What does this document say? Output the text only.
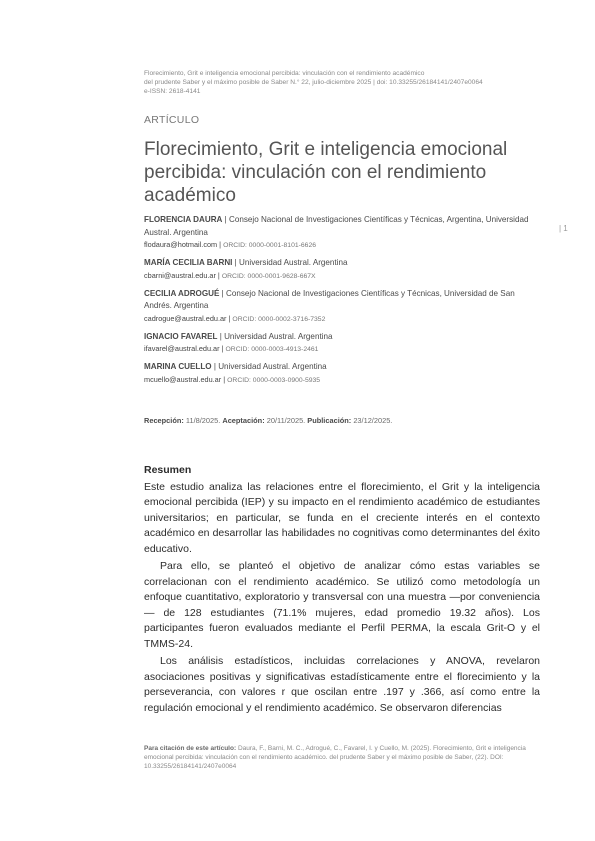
Florecimiento, Grit e inteligencia emocional percibida: vinculación con el rendimiento académico
del prudente Saber y el máximo posible de Saber N.° 22, julio-diciembre 2025 | doi: 10.33255/26184141/2407e0064
e-ISSN: 2618-4141
ARTÍCULO
Florecimiento, Grit e inteligencia emocional percibida: vinculación con el rendimiento académico
| 1
FLORENCIA DAURA | Consejo Nacional de Investigaciones Científicas y Técnicas, Argentina, Universidad Austral. Argentina
flodaura@hotmail.com | ORCID: 0000-0001-8101-6626
MARÍA CECILIA BARNI | Universidad Austral. Argentina
cbarni@austral.edu.ar | ORCID: 0000-0001-9628-667X
CECILIA ADROGUÉ | Consejo Nacional de Investigaciones Científicas y Técnicas, Universidad de San Andrés. Argentina
cadrogue@austral.edu.ar | ORCID: 0000-0002-3716-7352
IGNACIO FAVAREL | Universidad Austral. Argentina
ifavarel@austral.edu.ar | ORCID: 0000-0003-4913-2461
MARINA CUELLO | Universidad Austral. Argentina
mcuello@austral.edu.ar | ORCID: 0000-0003-0900-5935
Recepción: 11/8/2025. Aceptación: 20/11/2025. Publicación: 23/12/2025.
Resumen

Este estudio analiza las relaciones entre el florecimiento, el Grit y la inteligencia emocional percibida (IEP) y su impacto en el rendimiento académico de estudiantes universitarios; en particular, se funda en el creciente interés en el contexto académico en desarrollar las habilidades no cognitivas como determinantes del éxito educativo.

Para ello, se planteó el objetivo de analizar cómo estas variables se correlacionan con el rendimiento académico. Se utilizó como metodología un enfoque cuantitativo, exploratorio y transversal con una muestra —por conveniencia— de 128 estudiantes (71.1% mujeres, edad promedio 19.32 años). Los participantes fueron evaluados mediante el Perfil PERMA, la escala Grit-O y el TMMS-24.

Los análisis estadísticos, incluidas correlaciones y ANOVA, revelaron asociaciones positivas y significativas estadísticamente entre el florecimiento y la perseverancia, con valores r que oscilan entre .197 y .366, así como entre la regulación emocional y el rendimiento académico. Se observaron diferencias

Para citación de este artículo: Daura, F., Barni, M. C., Adrogué, C., Favarel, I. y Cuello, M. (2025). Florecimiento, Grit e inteligencia emocional percibida: vinculación con el rendimiento académico. del prudente Saber y el máximo posible de Saber, (22). DOI: 10.33255/26184141/2407e0064
